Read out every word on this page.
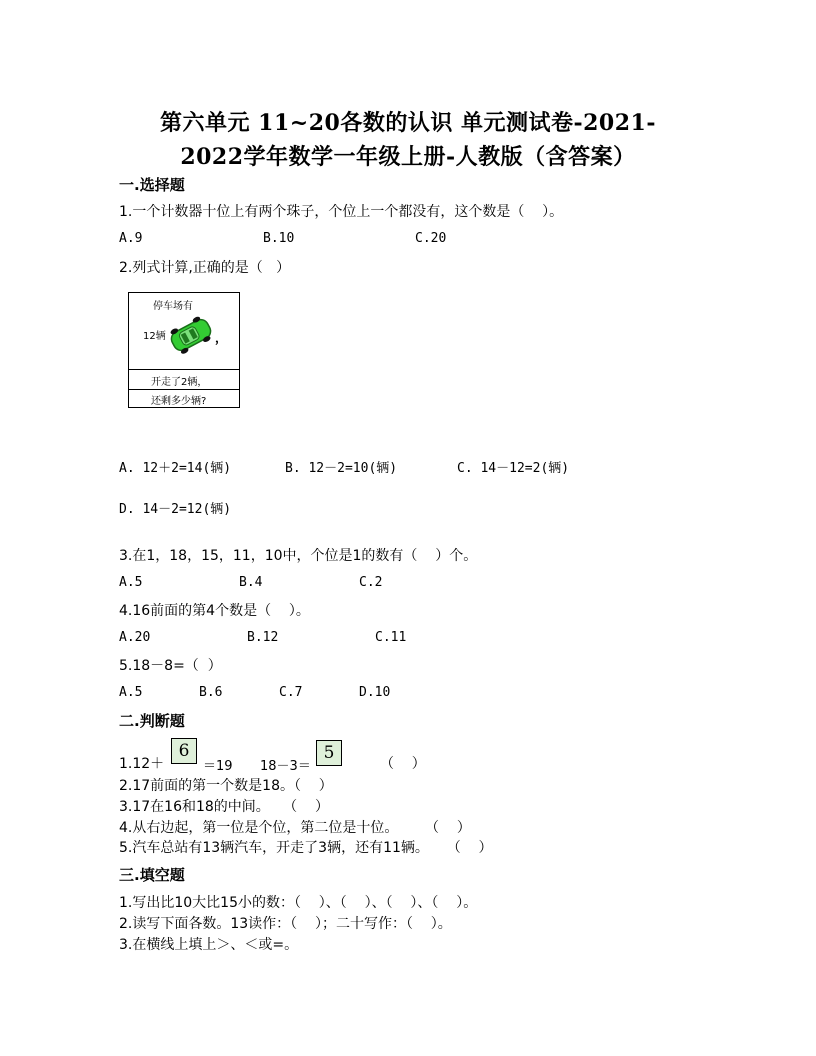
第六单元 11~20各数的认识 单元测试卷-2021-
2022学年数学一年级上册-人教版（含答案）
一.选择题
1.一个计数器十位上有两个珠子，个位上一个都没有，这个数是（    ）。
A.9	B.10	C.20
2.列式计算,正确的是（   ）
停车场有
12辆	，
开走了2辆，
还剩多少辆?
A. 12＋2=14(辆)	B. 12－2=10(辆)	C. 14－12=2(辆)
D. 14－2=12(辆)
3.在1，18，15，11，10中，个位是1的数有（    ）个。
A.5	B.4	C.2
4.16前面的第4个数是（    ）。
A.20	B.12	C.11
5.18－8=（  ）
A.5	B.6	C.7	D.10
二.判断题
1.12＋
6
＝19 18－3＝
5
（    ）
2.17前面的第一个数是18。（    ）
3.17在16和18的中间。   （    ）
4.从右边起，第一位是个位，第二位是十位。      （    ）
5.汽车总站有13辆汽车，开走了3辆，还有11辆。    （    ）
三.填空题
1.写出比10大比15小的数：（    ）、（    ）、（    ）、（    ）。
2.读写下面各数。13读作：（    ）；二十写作：（    ）。
3.在横线上填上＞、＜或=。
